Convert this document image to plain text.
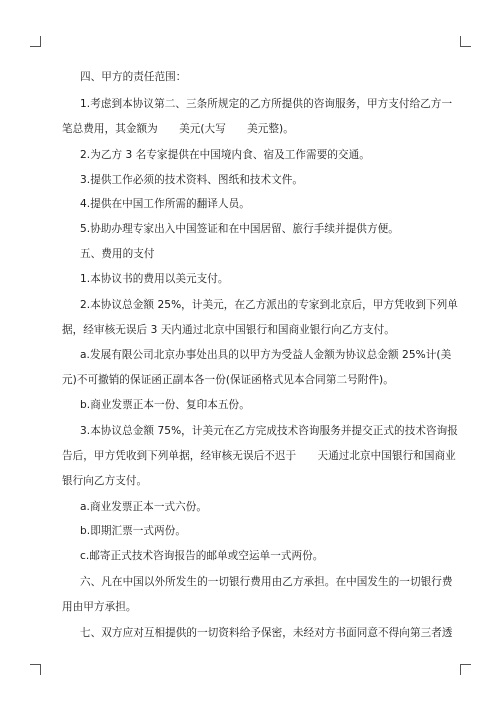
四、甲方的责任范围：
1.考虑到本协议第二、三条所规定的乙方所提供的咨询服务，甲方支付给乙方一
笔总费用，其金额为　　美元(大写　　美元整)。
2.为乙方 3 名专家提供在中国境内食、宿及工作需要的交通。
3.提供工作必须的技术资料、图纸和技术文件。
4.提供在中国工作所需的翻译人员。
5.协助办理专家出入中国签证和在中国居留、旅行手续并提供方便。
五、费用的支付
1.本协议书的费用以美元支付。
2.本协议总金额 25%，计美元，在乙方派出的专家到北京后，甲方凭收到下列单
据，经审核无误后 3 天内通过北京中国银行和国商业银行向乙方支付。
a.发展有限公司北京办事处出具的以甲方为受益人金额为协议总金额 25%计(美
元)不可撤销的保证函正副本各一份(保证函格式见本合同第二号附件)。
b.商业发票正本一份、复印本五份。
3.本协议总金额 75%，计美元在乙方完成技术咨询服务并提交正式的技术咨询报
告后，甲方凭收到下列单据，经审核无误后不迟于　　天通过北京中国银行和国商业
银行向乙方支付。
a.商业发票正本一式六份。
b.即期汇票一式两份。
c.邮寄正式技术咨询报告的邮单或空运单一式两份。
六、凡在中国以外所发生的一切银行费用由乙方承担。在中国发生的一切银行费
用由甲方承担。
七、双方应对互相提供的一切资料给予保密，未经对方书面同意不得向第三者透
